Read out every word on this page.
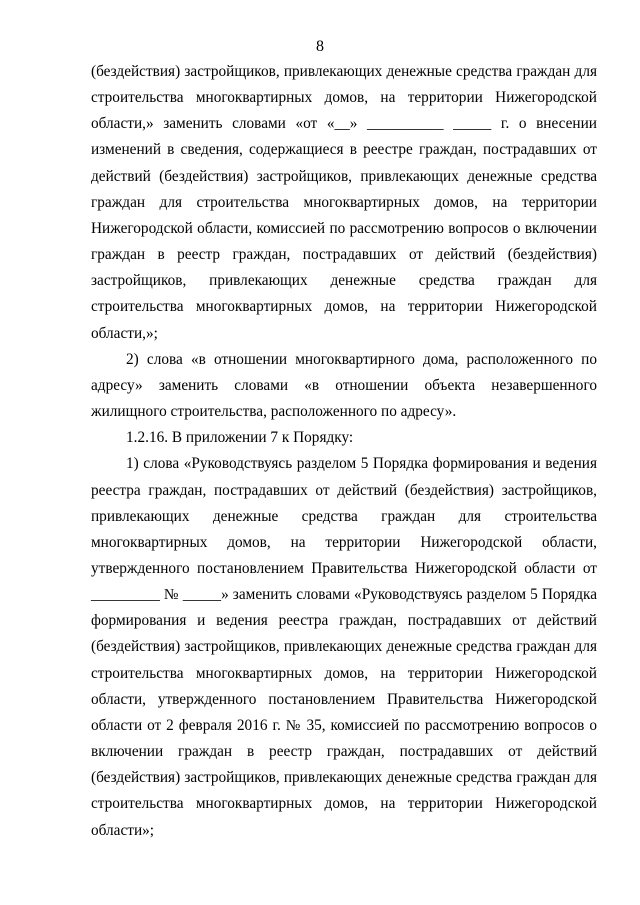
8

(бездействия) застройщиков, привлекающих денежные средства граждан для строительства многоквартирных домов, на территории Нижегородской области,» заменить словами «от «__» __________ _____ г. о внесении изменений в сведения, содержащиеся в реестре граждан, пострадавших от действий (бездействия) застройщиков, привлекающих денежные средства граждан для строительства многоквартирных домов, на территории Нижегородской области, комиссией по рассмотрению вопросов о включении граждан в реестр граждан, пострадавших от действий (бездействия) застройщиков, привлекающих денежные средства граждан для строительства многоквартирных домов, на территории Нижегородской области,»;

2) слова «в отношении многоквартирного дома, расположенного по адресу» заменить словами «в отношении объекта незавершенного жилищного строительства, расположенного по адресу».

1.2.16. В приложении 7 к Порядку:

1) слова «Руководствуясь разделом 5 Порядка формирования и ведения реестра граждан, пострадавших от действий (бездействия) застройщиков, привлекающих денежные средства граждан для строительства многоквартирных домов, на территории Нижегородской области, утвержденного постановлением Правительства Нижегородской области от _________ № _____» заменить словами «Руководствуясь разделом 5 Порядка формирования и ведения реестра граждан, пострадавших от действий (бездействия) застройщиков, привлекающих денежные средства граждан для строительства многоквартирных домов, на территории Нижегородской области, утвержденного постановлением Правительства Нижегородской области от 2 февраля 2016 г. № 35, комиссией по рассмотрению вопросов о включении граждан в реестр граждан, пострадавших от действий (бездействия) застройщиков, привлекающих денежные средства граждан для строительства многоквартирных домов, на территории Нижегородской области»;
